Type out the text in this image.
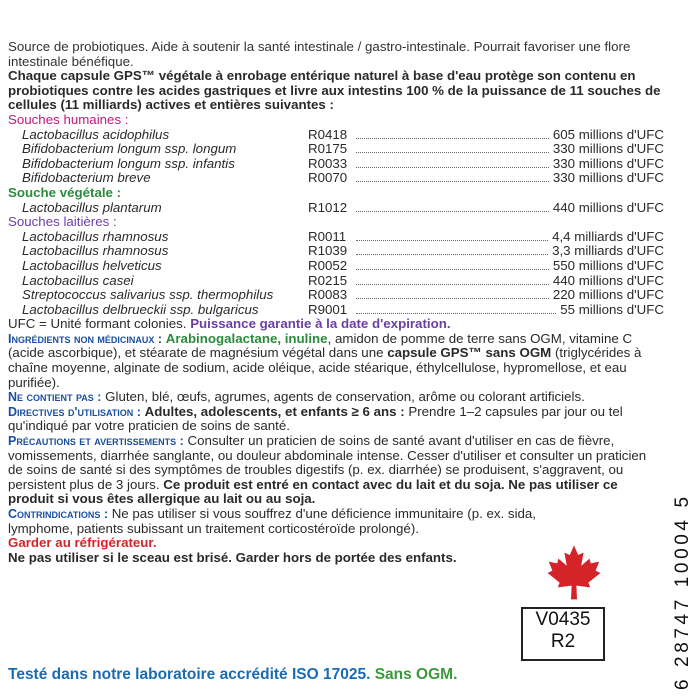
Source de probiotiques. Aide à soutenir la santé intestinale / gastro-intestinale. Pourrait favoriser une flore intestinale bénéfique.

Chaque capsule GPS™ végétale à enrobage entérique naturel à base d'eau protège son contenu en probiotiques contre les acides gastriques et livre aux intestins 100 % de la puissance de 11 souches de cellules (11 milliards) actives et entières suivantes :

Souches humaines :
Lactobacillus acidophilus	R0418	605 millions d'UFC
Bifidobacterium longum ssp. longum	R0175	330 millions d'UFC
Bifidobacterium longum ssp. infantis	R0033	330 millions d'UFC
Bifidobacterium breve	R0070	330 millions d'UFC
Souche végétale :
Lactobacillus plantarum	R1012	440 millions d'UFC
Souches laitières :
Lactobacillus rhamnosus	R0011	4,4 milliards d'UFC
Lactobacillus rhamnosus	R1039	3,3 milliards d'UFC
Lactobacillus helveticus	R0052	550 millions d'UFC
Lactobacillus casei	R0215	440 millions d'UFC
Streptococcus salivarius ssp. thermophilus	R0083	220 millions d'UFC
Lactobacillus delbrueckii ssp. bulgaricus	R9001	55 millions d'UFC

UFC = Unité formant colonies. Puissance garantie à la date d'expiration.

Ingrédients non médicinaux : Arabinogalactane, inuline, amidon de pomme de terre sans OGM, vitamine C (acide ascorbique), et stéarate de magnésium végétal dans une capsule GPS™ sans OGM (triglycérides à chaîne moyenne, alginate de sodium, acide oléique, acide stéarique, éthylcellulose, hypromellose, et eau purifiée).

Ne contient pas : Gluten, blé, œufs, agrumes, agents de conservation, arôme ou colorant artificiels.

Directives d'utilisation : Adultes, adolescents, et enfants ≥ 6 ans : Prendre 1–2 capsules par jour ou tel qu'indiqué par votre praticien de soins de santé.

Précautions et avertissements : Consulter un praticien de soins de santé avant d'utiliser en cas de fièvre, vomissements, diarrhée sanglante, ou douleur abdominale intense. Cesser d'utiliser et consulter un praticien de soins de santé si des symptômes de troubles digestifs (p. ex. diarrhée) se produisent, s'aggravent, ou persistent plus de 3 jours. Ce produit est entré en contact avec du lait et du soja. Ne pas utiliser ce produit si vous êtes allergique au lait ou au soja.

Contrindications : Ne pas utiliser si vous souffrez d'une déficience immunitaire (p. ex. sida, lymphome, patients subissant un traitement corticostéroïde prolongé).

Garder au réfrigérateur.

Ne pas utiliser si le sceau est brisé. Garder hors de portée des enfants.

V0435
R2
Testé dans notre laboratoire accrédité ISO 17025. Sans OGM.	6 28747 10004 5
